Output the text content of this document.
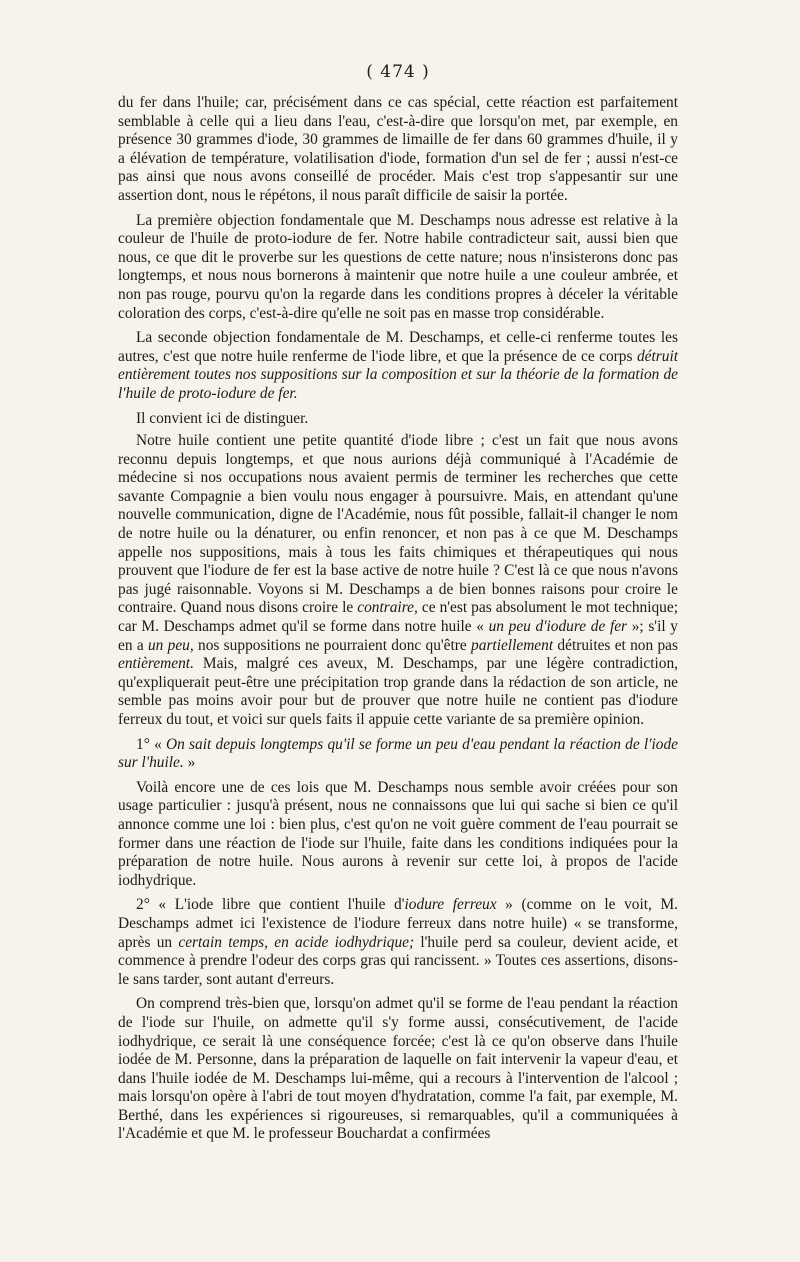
( 474 )

du fer dans l'huile; car, précisément dans ce cas spécial, cette réaction est parfaitement semblable à celle qui a lieu dans l'eau, c'est-à-dire que lorsqu'on met, par exemple, en présence 30 grammes d'iode, 30 grammes de limaille de fer dans 60 grammes d'huile, il y a élévation de température, volatilisation d'iode, formation d'un sel de fer ; aussi n'est-ce pas ainsi que nous avons conseillé de procéder. Mais c'est trop s'appesantir sur une assertion dont, nous le répétons, il nous paraît difficile de saisir la portée.

La première objection fondamentale que M. Deschamps nous adresse est relative à la couleur de l'huile de proto-iodure de fer. Notre habile contradicteur sait, aussi bien que nous, ce que dit le proverbe sur les questions de cette nature; nous n'insisterons donc pas longtemps, et nous nous bornerons à maintenir que notre huile a une couleur ambrée, et non pas rouge, pourvu qu'on la regarde dans les conditions propres à déceler la véritable coloration des corps, c'est-à-dire qu'elle ne soit pas en masse trop considérable.

La seconde objection fondamentale de M. Deschamps, et celle-ci renferme toutes les autres, c'est que notre huile renferme de l'iode libre, et que la présence de ce corps détruit entièrement toutes nos suppositions sur la composition et sur la théorie de la formation de l'huile de proto-iodure de fer.

Il convient ici de distinguer.

Notre huile contient une petite quantité d'iode libre ; c'est un fait que nous avons reconnu depuis longtemps, et que nous aurions déjà communiqué à l'Académie de médecine si nos occupations nous avaient permis de terminer les recherches que cette savante Compagnie a bien voulu nous engager à poursuivre. Mais, en attendant qu'une nouvelle communication, digne de l'Académie, nous fût possible, fallait-il changer le nom de notre huile ou la dénaturer, ou enfin renoncer, et non pas à ce que M. Deschamps appelle nos suppositions, mais à tous les faits chimiques et thérapeutiques qui nous prouvent que l'iodure de fer est la base active de notre huile ? C'est là ce que nous n'avons pas jugé raisonnable. Voyons si M. Deschamps a de bien bonnes raisons pour croire le contraire. Quand nous disons croire le contraire, ce n'est pas absolument le mot technique; car M. Deschamps admet qu'il se forme dans notre huile « un peu d'iodure de fer »; s'il y en a un peu, nos suppositions ne pourraient donc qu'être partiellement détruites et non pas entièrement. Mais, malgré ces aveux, M. Deschamps, par une légère contradiction, qu'expliquerait peut-être une précipitation trop grande dans la rédaction de son article, ne semble pas moins avoir pour but de prouver que notre huile ne contient pas d'iodure ferreux du tout, et voici sur quels faits il appuie cette variante de sa première opinion.

1° « On sait depuis longtemps qu'il se forme un peu d'eau pendant la réaction de l'iode sur l'huile. »

Voilà encore une de ces lois que M. Deschamps nous semble avoir créées pour son usage particulier : jusqu'à présent, nous ne connaissons que lui qui sache si bien ce qu'il annonce comme une loi : bien plus, c'est qu'on ne voit guère comment de l'eau pourrait se former dans une réaction de l'iode sur l'huile, faite dans les conditions indiquées pour la préparation de notre huile. Nous aurons à revenir sur cette loi, à propos de l'acide iodhydrique.

2° « L'iode libre que contient l'huile d'iodure ferreux » (comme on le voit, M. Deschamps admet ici l'existence de l'iodure ferreux dans notre huile) « se transforme, après un certain temps, en acide iodhydrique; l'huile perd sa couleur, devient acide, et commence à prendre l'odeur des corps gras qui rancissent. » Toutes ces assertions, disons-le sans tarder, sont autant d'erreurs.

On comprend très-bien que, lorsqu'on admet qu'il se forme de l'eau pendant la réaction de l'iode sur l'huile, on admette qu'il s'y forme aussi, consécutivement, de l'acide iodhydrique, ce serait là une conséquence forcée; c'est là ce qu'on observe dans l'huile iodée de M. Personne, dans la préparation de laquelle on fait intervenir la vapeur d'eau, et dans l'huile iodée de M. Deschamps lui-même, qui a recours à l'intervention de l'alcool ; mais lorsqu'on opère à l'abri de tout moyen d'hydratation, comme l'a fait, par exemple, M. Berthé, dans les expériences si rigoureuses, si remarquables, qu'il a communiquées à l'Académie et que M. le professeur Bouchardat a confirmées
